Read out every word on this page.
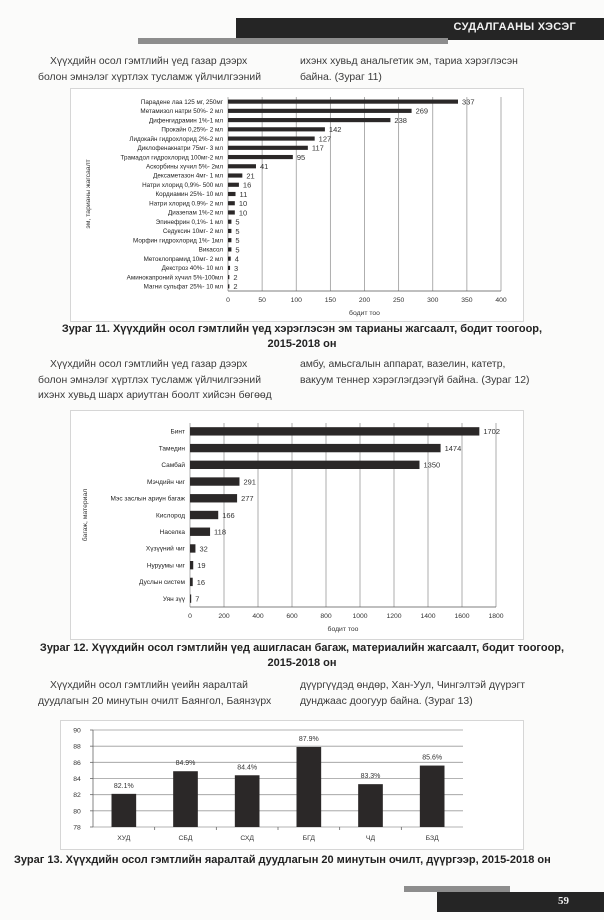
СУДАЛГААНЫ ХЭСЭГ
Хүүхдийн осол гэмтлийн үед газар дээрх
болон эмнэлэг хүртлэх тусламж үйлчилгээний
ихэнх хувьд анальгетик эм, тариа хэрэглэсэн
байна. (Зураг 11)
0	50	100	150	200	250	300	350	400
Парадене лаа 125 мг, 250мг	337
Метамизол натри 50%- 2 мл	269
Дифенгидрамин 1%-1 мл	238
Прокайн 0,25%- 2 мл	142
Лидокайн гидрохлорид 2%-2 мл	127
Диклофенакнатри 75мг- 3 мл	117
Трамадол гидрохлорид 100мг-2 мл	95
Аскорбины хүчил 5%- 2мл	41
Дексаметазон 4мг- 1 мл	21
Натри хлорид 0,9%- 500 мл	16
Кордиамин 25%- 10 мл 11
Натри хлорид 0.9%- 2 мл 10
Диазепам 1%-2 мл 10
Эпинефрин 0,1%- 1 мл 5
Седуксин 10мг- 2 мл 5
Морфин гидрохлорид 1%- 1мл 5
Викасол 5
Метоклопрамид 10мг- 2 мл 4
Декстроз 40%- 10 мл 3
Аминокапроний хүчил 5%-100мл 2
Магни сульфат 25%- 10 мл 2
бодит тоо
эм, тарианы жагсаалт
Зураг 11. Хүүхдийн осол гэмтлийн үед хэрэглэсэн эм тарианы жагсаалт, бодит тоогоор,
2015-2018 он
Хүүхдийн осол гэмтлийн үед газар дээрх
болон эмнэлэг хүртлэх тусламж үйлчилгээний
ихэнх хувьд шарх ариутган боолт хийсэн бөгөөд
амбу, амьсгалын аппарат, вазелин, катетр,
вакуум теннер хэрэглэгдээгүй байна. (Зураг 12)
0	200	400	600	800	1000	1200	1400	1600	1800
Бинт	1702
Тамедин	1474
Самбай	1350
Мэчдийн чиг	291
Мэс заслын ариун багаж	277
Кислород	166
Населка	118
Хүзүүний чиг 32
Нуруумы чиг 19
Дуслын систем 16
Уян зүү 7
бодит тоо
багаж, материал
Зураг 12. Хүүхдийн осол гэмтлийн үед ашигласан багаж, материалийн жагсаалт, бодит тоогоор,
2015-2018 он
Хүүхдийн осол гэмтлийн үеийн яаралтай
дуудлагын 20 минутын очилт Баянгол, Баянзүрх
дүүргүүдэд өндөр, Хан-Уул, Чингэлтэй дүүрэгт
дунджаас доогуур байна. (Зураг 13)
78
80
82
84
86
88
90
82.1%
ХУД
84.9%
СБД
84.4%
СХД
87.9%
БГД
83.3%
ЧД
85.6%
БЗД
Зураг 13. Хүүхдийн осол гэмтлийн яаралтай дуудлагын 20 минутын очилт, дүүргээр, 2015-2018 он
59
